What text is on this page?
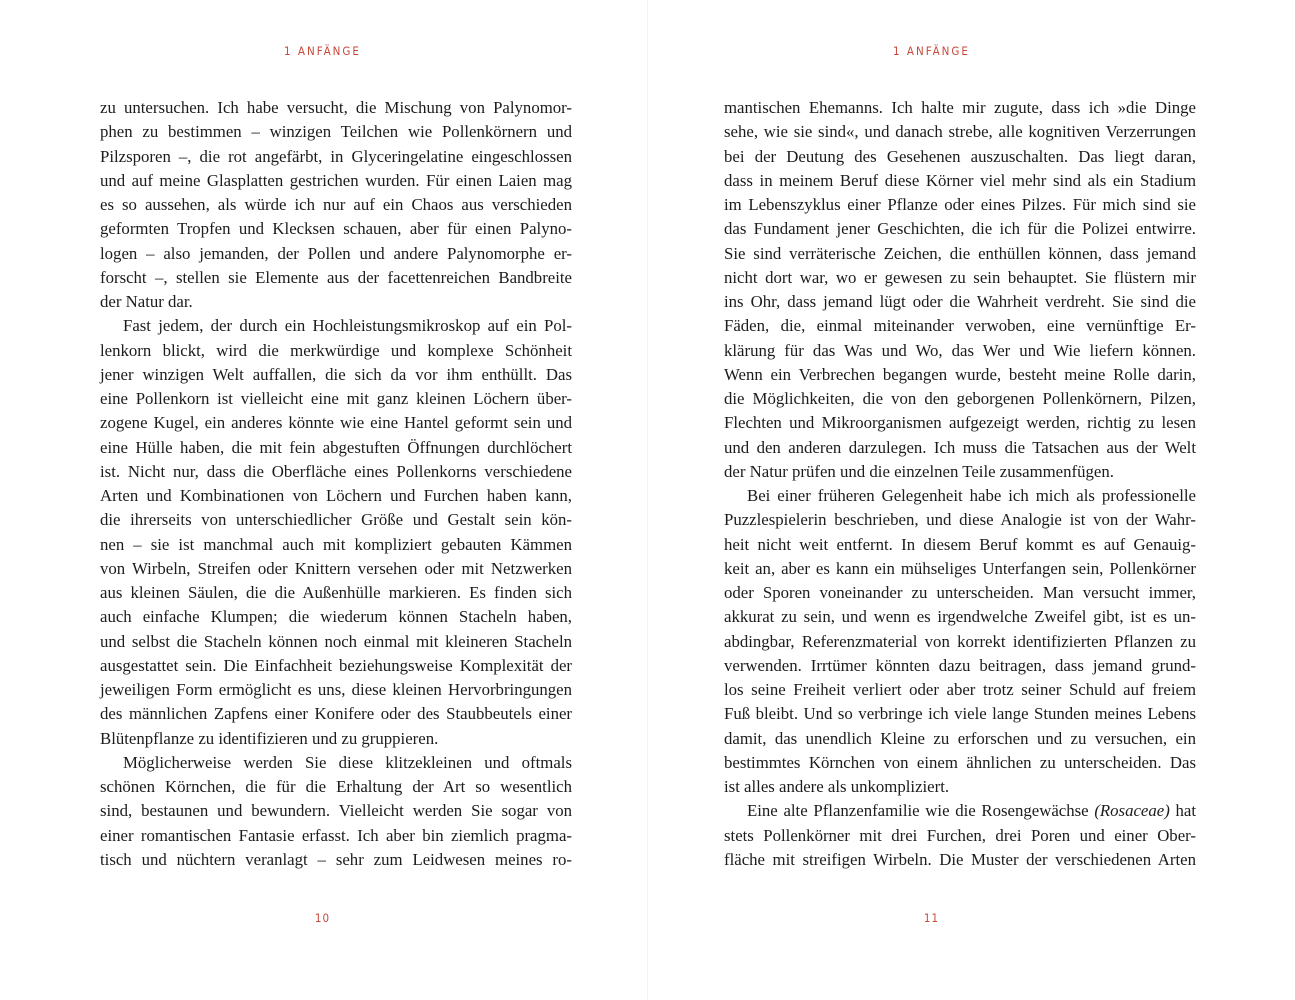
1 ANFÄNGE
zu untersuchen. Ich habe versucht, die Mischung von Palynomor-
phen zu bestimmen – winzigen Teilchen wie Pollenkörnern und
Pilzsporen –, die rot angefärbt, in Glyceringelatine eingeschlossen
und auf meine Glasplatten gestrichen wurden. Für einen Laien mag
es so aussehen, als würde ich nur auf ein Chaos aus verschieden
geformten Tropfen und Klecksen schauen, aber für einen Palyno-
logen – also jemanden, der Pollen und andere Palynomorphe er-
forscht –, stellen sie Elemente aus der facettenreichen Bandbreite
der Natur dar.
Fast jedem, der durch ein Hochleistungsmikroskop auf ein Pol-
lenkorn blickt, wird die merkwürdige und komplexe Schönheit
jener winzigen Welt auffallen, die sich da vor ihm enthüllt. Das
eine Pollenkorn ist vielleicht eine mit ganz kleinen Löchern über-
zogene Kugel, ein anderes könnte wie eine Hantel geformt sein und
eine Hülle haben, die mit fein abgestuften Öffnungen durchlöchert
ist. Nicht nur, dass die Oberfläche eines Pollenkorns verschiedene
Arten und Kombinationen von Löchern und Furchen haben kann,
die ihrerseits von unterschiedlicher Größe und Gestalt sein kön-
nen – sie ist manchmal auch mit kompliziert gebauten Kämmen
von Wirbeln, Streifen oder Knittern versehen oder mit Netzwerken
aus kleinen Säulen, die die Außenhülle markieren. Es finden sich
auch einfache Klumpen; die wiederum können Stacheln haben,
und selbst die Stacheln können noch einmal mit kleineren Stacheln
ausgestattet sein. Die Einfachheit beziehungsweise Komplexität der
jeweiligen Form ermöglicht es uns, diese kleinen Hervorbringungen
des männlichen Zapfens einer Konifere oder des Staubbeutels einer
Blütenpflanze zu identifizieren und zu gruppieren.
Möglicherweise werden Sie diese klitzekleinen und oftmals
schönen Körnchen, die für die Erhaltung der Art so wesentlich
sind, bestaunen und bewundern. Vielleicht werden Sie sogar von
einer romantischen Fantasie erfasst. Ich aber bin ziemlich pragma-
tisch und nüchtern veranlagt – sehr zum Leidwesen meines ro-
10
1 ANFÄNGE
mantischen Ehemanns. Ich halte mir zugute, dass ich »die Dinge
sehe, wie sie sind«, und danach strebe, alle kognitiven Verzerrungen
bei der Deutung des Gesehenen auszuschalten. Das liegt daran,
dass in meinem Beruf diese Körner viel mehr sind als ein Stadium
im Lebenszyklus einer Pflanze oder eines Pilzes. Für mich sind sie
das Fundament jener Geschichten, die ich für die Polizei entwirre.
Sie sind verräterische Zeichen, die enthüllen können, dass jemand
nicht dort war, wo er gewesen zu sein behauptet. Sie flüstern mir
ins Ohr, dass jemand lügt oder die Wahrheit verdreht. Sie sind die
Fäden, die, einmal miteinander verwoben, eine vernünftige Er-
klärung für das Was und Wo, das Wer und Wie liefern können.
Wenn ein Verbrechen begangen wurde, besteht meine Rolle darin,
die Möglichkeiten, die von den geborgenen Pollenkörnern, Pilzen,
Flechten und Mikroorganismen aufgezeigt werden, richtig zu lesen
und den anderen darzulegen. Ich muss die Tatsachen aus der Welt
der Natur prüfen und die einzelnen Teile zusammenfügen.
Bei einer früheren Gelegenheit habe ich mich als professionelle
Puzzlespielerin beschrieben, und diese Analogie ist von der Wahr-
heit nicht weit entfernt. In diesem Beruf kommt es auf Genauig-
keit an, aber es kann ein mühseliges Unterfangen sein, Pollenkörner
oder Sporen voneinander zu unterscheiden. Man versucht immer,
akkurat zu sein, und wenn es irgendwelche Zweifel gibt, ist es un-
abdingbar, Referenzmaterial von korrekt identifizierten Pflanzen zu
verwenden. Irrtümer könnten dazu beitragen, dass jemand grund-
los seine Freiheit verliert oder aber trotz seiner Schuld auf freiem
Fuß bleibt. Und so verbringe ich viele lange Stunden meines Lebens
damit, das unendlich Kleine zu erforschen und zu versuchen, ein
bestimmtes Körnchen von einem ähnlichen zu unterscheiden. Das
ist alles andere als unkompliziert.
Eine alte Pflanzenfamilie wie die Rosengewächse (Rosaceae) hat
stets Pollenkörner mit drei Furchen, drei Poren und einer Ober-
fläche mit streifigen Wirbeln. Die Muster der verschiedenen Arten
11
